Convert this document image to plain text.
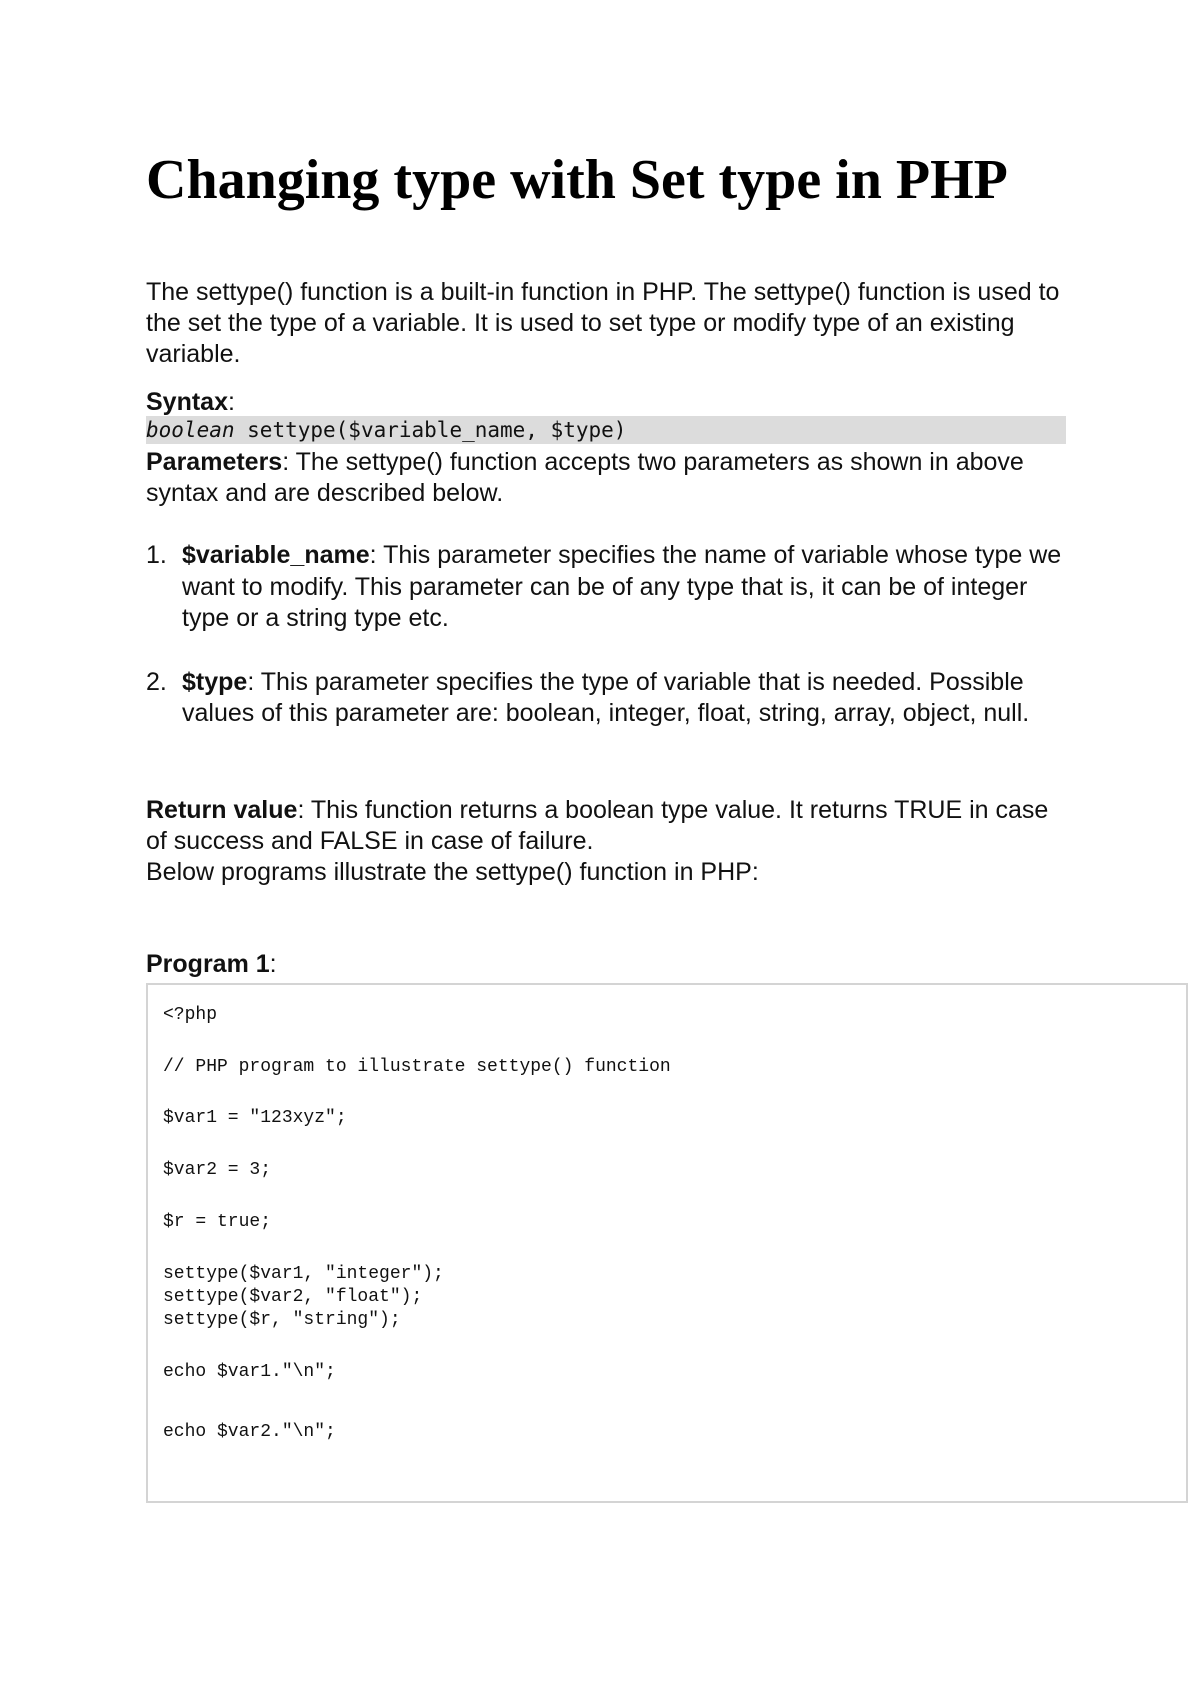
Changing type with Set type in PHP

The settype() function is a built-in function in PHP. The settype() function is used to the set the type of a variable. It is used to set type or modify type of an existing variable.

Syntax:

boolean settype($variable_name, $type)

Parameters: The settype() function accepts two parameters as shown in above syntax and are described below.

1. $variable_name: This parameter specifies the name of variable whose type we want to modify. This parameter can be of any type that is, it can be of integer type or a string type etc.
2. $type: This parameter specifies the type of variable that is needed. Possible values of this parameter are: boolean, integer, float, string, array, object, null.

Return value: This function returns a boolean type value. It returns TRUE in case of success and FALSE in case of failure.
Below programs illustrate the settype() function in PHP:

Program 1:

<?php
// PHP program to illustrate settype() function
$var1 = "123xyz";
$var2 = 3;
$r = true;
settype($var1, "integer");
settype($var2, "float");
settype($r, "string");
echo $var1."\n";
echo $var2."\n";
